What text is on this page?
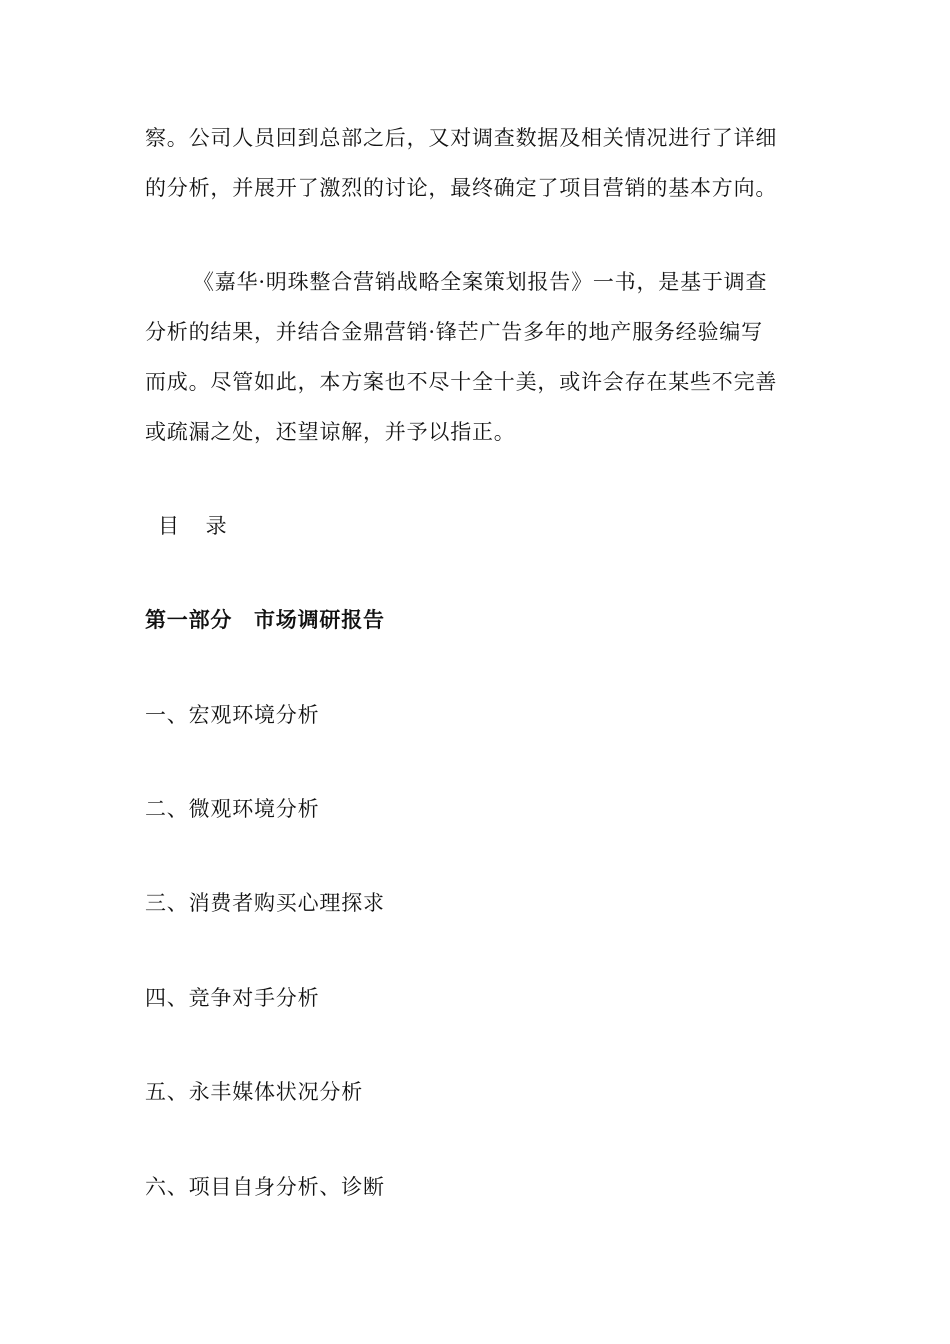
察。公司人员回到总部之后，又对调查数据及相关情况进行了详细
的分析，并展开了激烈的讨论，最终确定了项目营销的基本方向。
《嘉华·明珠整合营销战略全案策划报告》一书，是基于调查
分析的结果，并结合金鼎营销·锋芒广告多年的地产服务经验编写
而成。尽管如此，本方案也不尽十全十美，或许会存在某些不完善
或疏漏之处，还望谅解，并予以指正。
目 录
第一部分　市场调研报告
一、宏观环境分析
二、微观环境分析
三、消费者购买心理探求
四、竞争对手分析
五、永丰媒体状况分析
六、项目自身分析、诊断
